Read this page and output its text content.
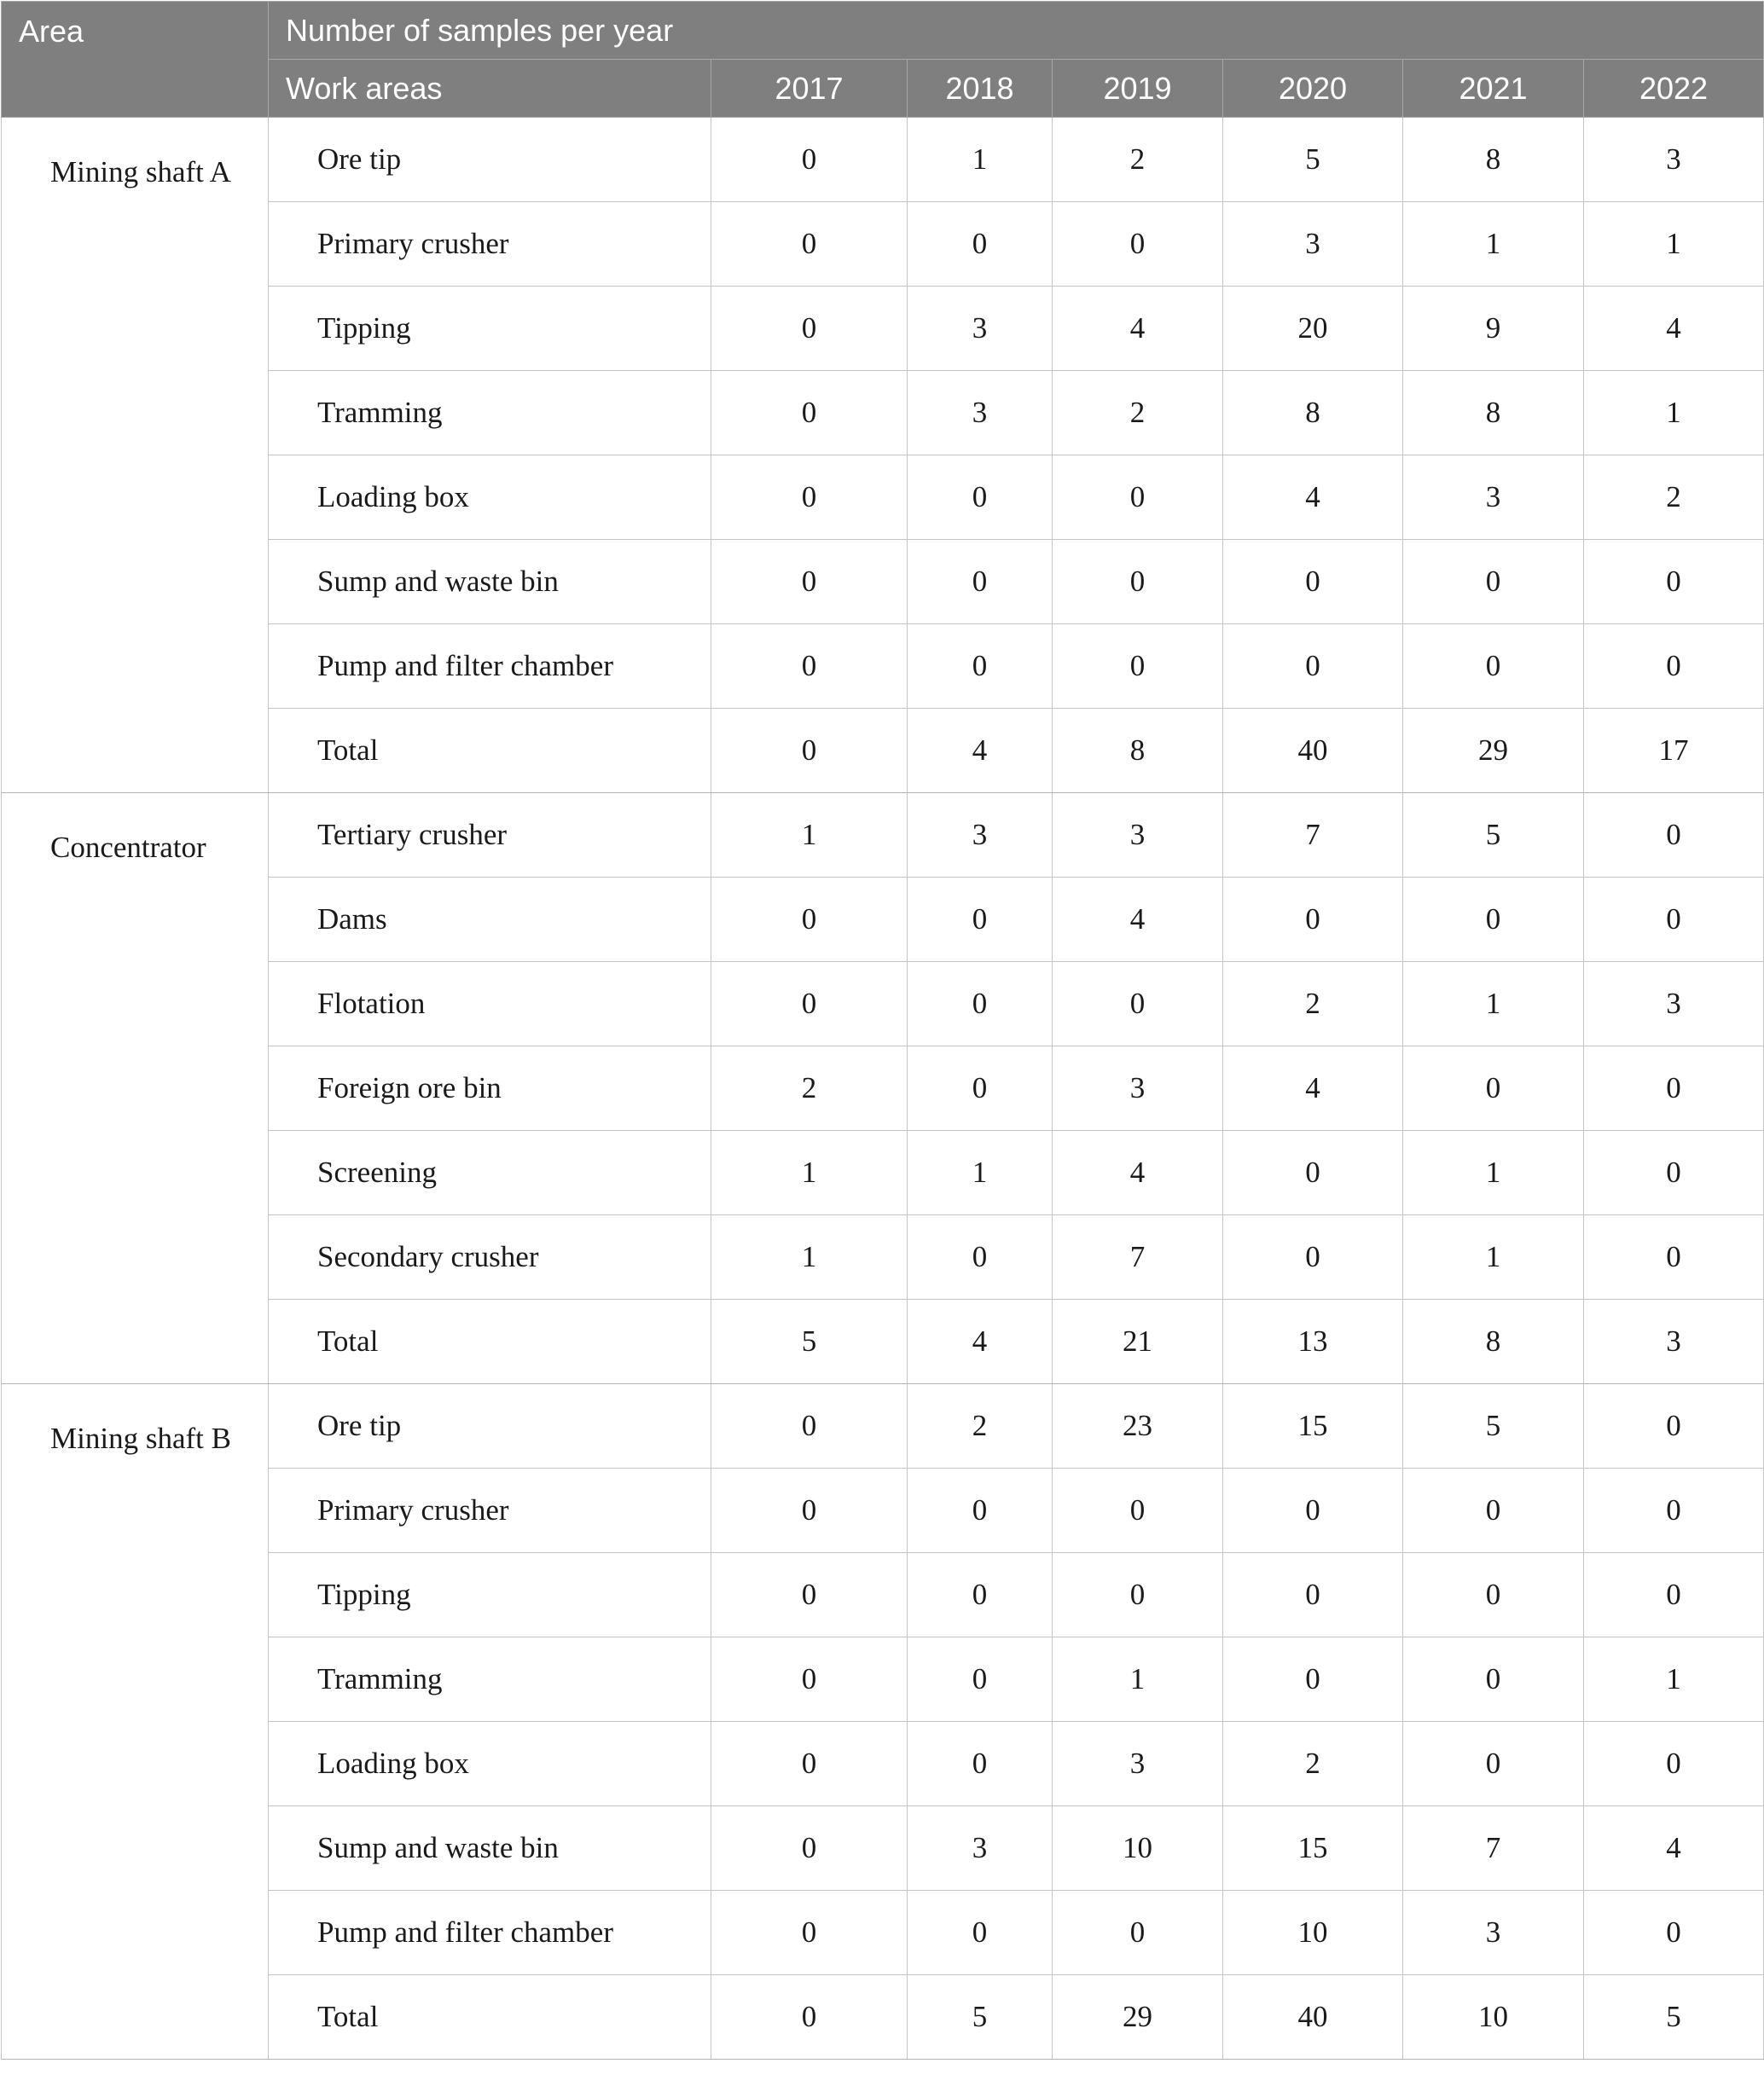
Area	Number of samples per year						
	Work areas	2017	2018	2019	2020	2021	2022
Mining shaft A	Ore tip	0	1	2	5	8	3
	Primary crusher	0	0	0	3	1	1
	Tipping	0	3	4	20	9	4
	Tramming	0	3	2	8	8	1
	Loading box	0	0	0	4	3	2
	Sump and waste bin	0	0	0	0	0	0
	Pump and filter chamber	0	0	0	0	0	0
	Total	0	4	8	40	29	17
Concentrator	Tertiary crusher	1	3	3	7	5	0
	Dams	0	0	4	0	0	0
	Flotation	0	0	0	2	1	3
	Foreign ore bin	2	0	3	4	0	0
	Screening	1	1	4	0	1	0
	Secondary crusher	1	0	7	0	1	0
	Total	5	4	21	13	8	3
Mining shaft B	Ore tip	0	2	23	15	5	0
	Primary crusher	0	0	0	0	0	0
	Tipping	0	0	0	0	0	0
	Tramming	0	0	1	0	0	1
	Loading box	0	0	3	2	0	0
	Sump and waste bin	0	3	10	15	7	4
	Pump and filter chamber	0	0	0	10	3	0
	Total	0	5	29	40	10	5
